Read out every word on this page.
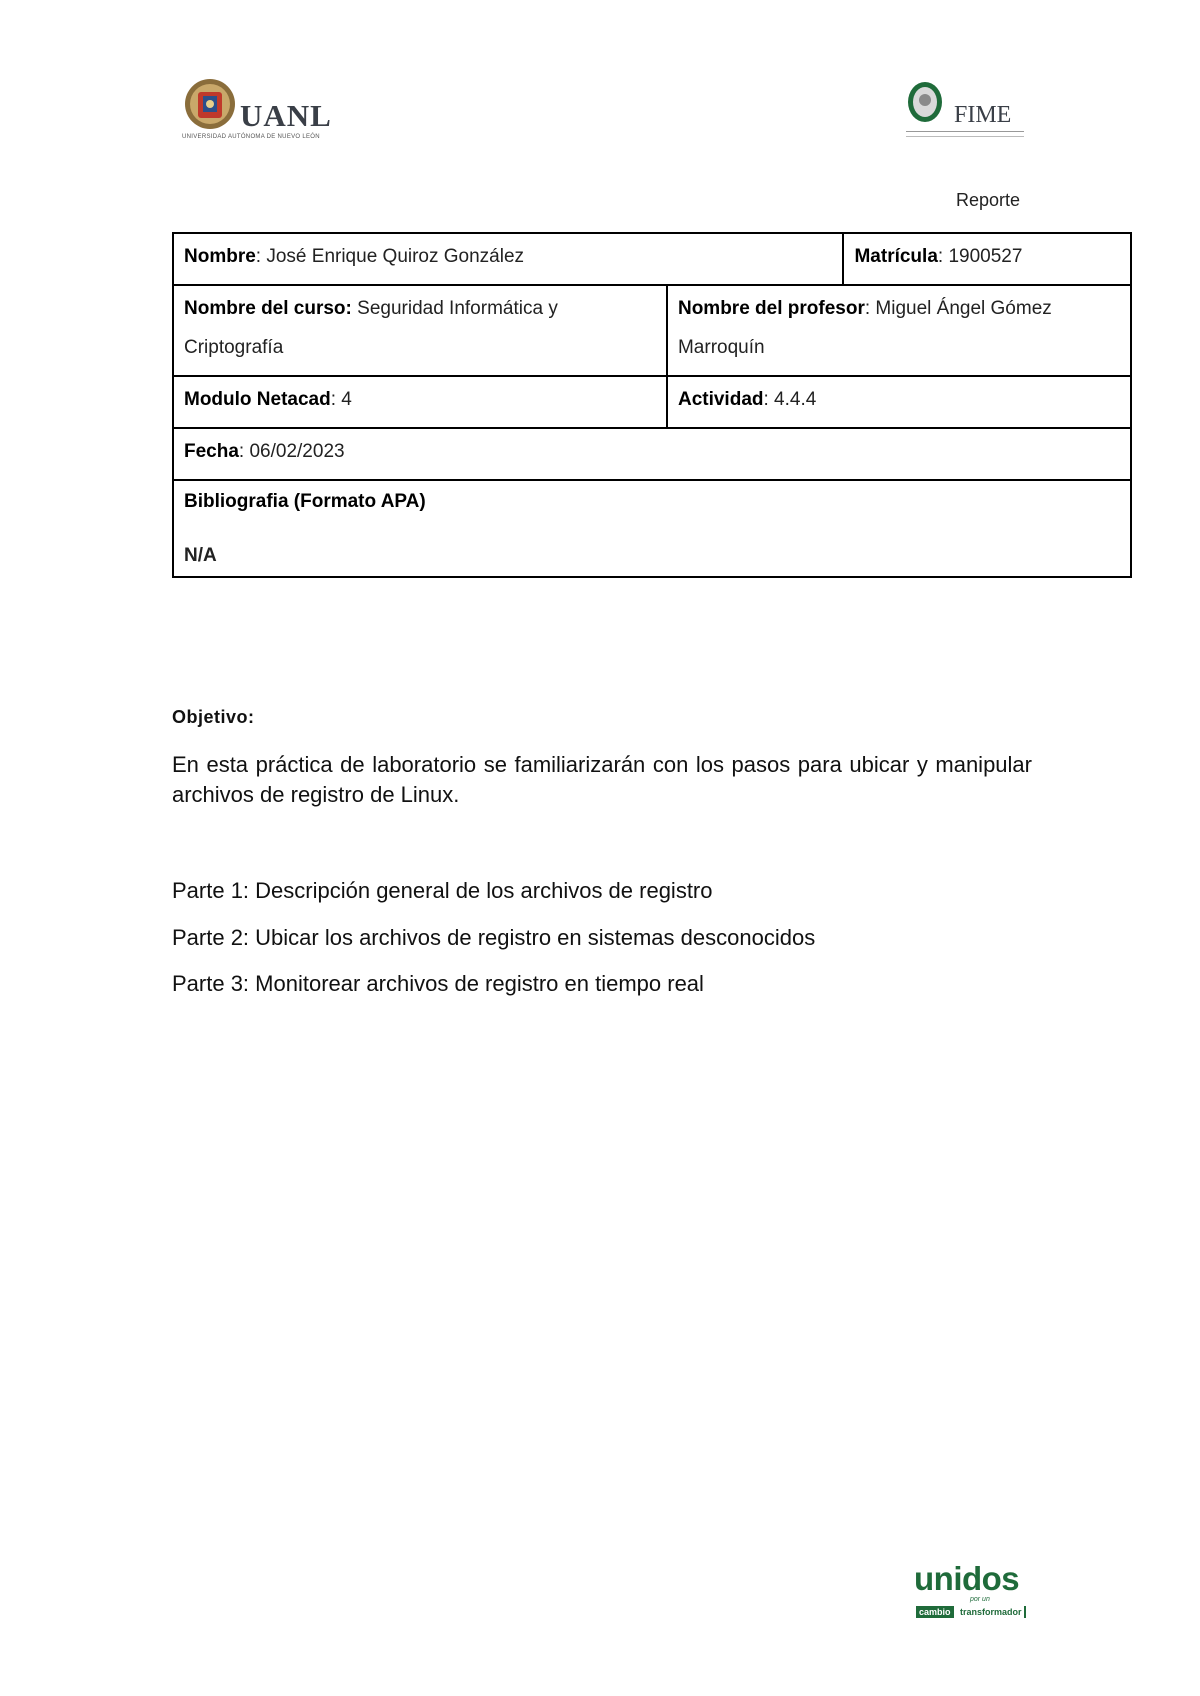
UANL
UNIVERSIDAD AUTÓNOMA DE NUEVO LEÓN
FIME
Reporte
Nombre: José Enrique Quiroz González		Matrícula: 1900527
Nombre del curso: Seguridad Informática y Criptografía	Nombre del profesor: Miguel Ángel Gómez Marroquín	
Modulo Netacad: 4	Actividad: 4.4.4	
Fecha: 06/02/2023		

Bibliografia (Formato APA)
N/A		
Objetivo:
En esta práctica de laboratorio se familiarizarán con los pasos para ubicar y manipular archivos de registro de Linux.
Parte 1: Descripción general de los archivos de registro
Parte 2: Ubicar los archivos de registro en sistemas desconocidos
Parte 3: Monitorear archivos de registro en tiempo real
unidos
por un
cambio	transformador
